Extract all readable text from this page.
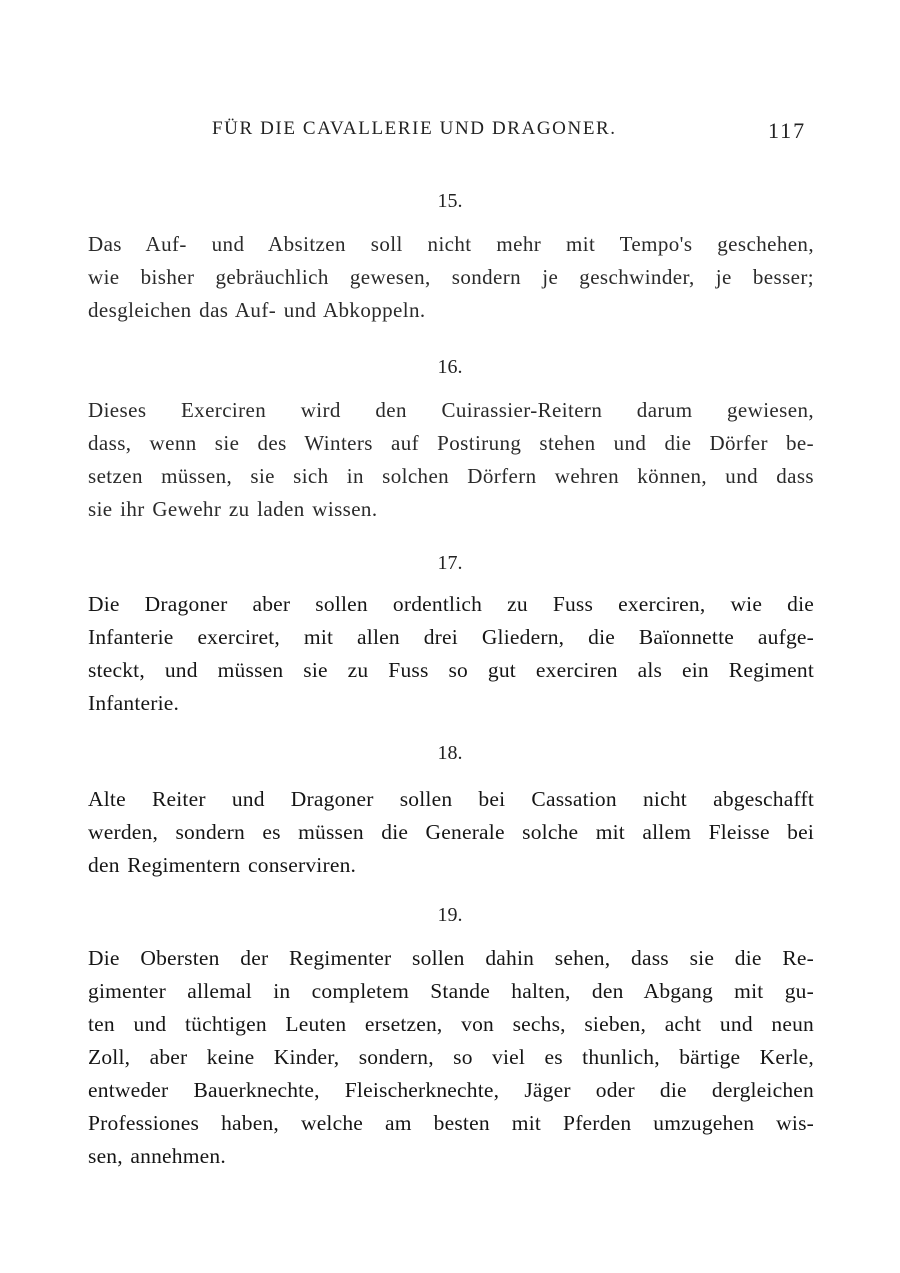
FÜR DIE CAVALLERIE UND DRAGONER.	117
15.
Das Auf- und Absitzen soll nicht mehr mit Tempo's geschehen,
wie bisher gebräuchlich gewesen, sondern je geschwinder, je besser;
desgleichen das Auf- und Abkoppeln.
16.
Dieses Exerciren wird den Cuirassier-Reitern darum gewiesen,
dass, wenn sie des Winters auf Postirung stehen und die Dörfer be-
setzen müssen, sie sich in solchen Dörfern wehren können, und dass
sie ihr Gewehr zu laden wissen.
17.
Die Dragoner aber sollen ordentlich zu Fuss exerciren, wie die
Infanterie exerciret, mit allen drei Gliedern, die Baïonnette aufge-
steckt, und müssen sie zu Fuss so gut exerciren als ein Regiment
Infanterie.
18.
Alte Reiter und Dragoner sollen bei Cassation nicht abgeschafft
werden, sondern es müssen die Generale solche mit allem Fleisse bei
den Regimentern conserviren.
19.
Die Obersten der Regimenter sollen dahin sehen, dass sie die Re-
gimenter allemal in completem Stande halten, den Abgang mit gu-
ten und tüchtigen Leuten ersetzen, von sechs, sieben, acht und neun
Zoll, aber keine Kinder, sondern, so viel es thunlich, bärtige Kerle,
entweder Bauerknechte, Fleischerknechte, Jäger oder die dergleichen
Professiones haben, welche am besten mit Pferden umzugehen wis-
sen, annehmen.
